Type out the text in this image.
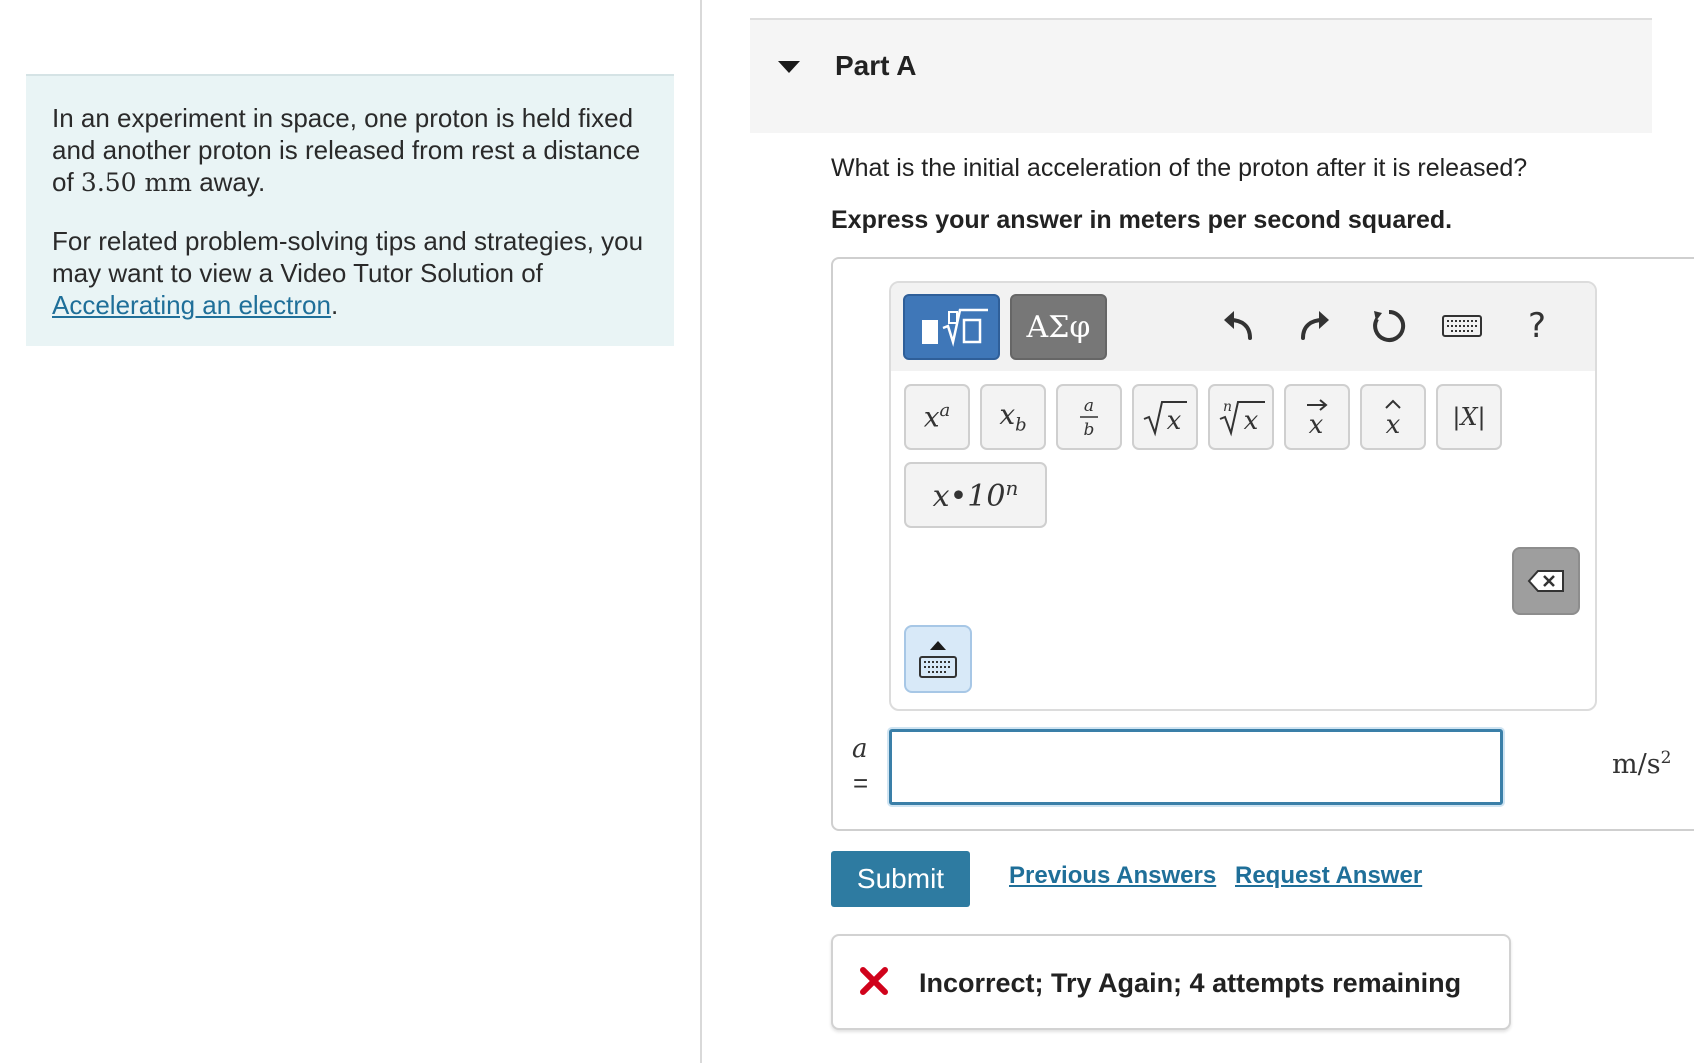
In an experiment in space, one proton is held fixed and another proton is released from rest a distance of 3.50 mm away.

For related problem-solving tips and strategies, you may want to view a Video Tutor Solution of Accelerating an electron.

Part A
What is the initial acceleration of the proton after it is released?
Express your answer in meters per second squared.
ΑΣφ	?
$x^a$ $x_b$
a
b	x	n x x x |X|
x•10$^n$
a
=
$m/s^2$
Submit	Previous Answers Request Answer
Incorrect; Try Again; 4 attempts remaining
